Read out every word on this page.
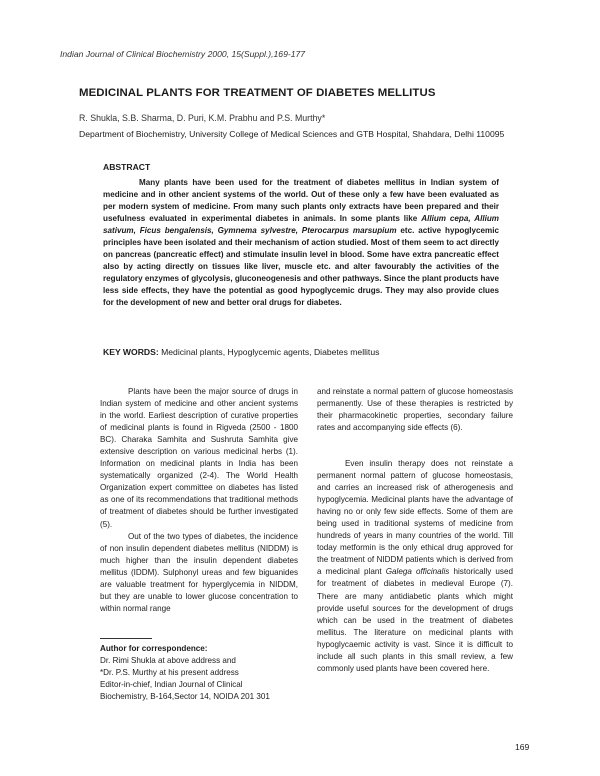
Indian Journal of Clinical Biochemistry 2000, 15(Suppl.),169-177
MEDICINAL PLANTS FOR TREATMENT OF DIABETES MELLITUS
R. Shukla, S.B. Sharma, D. Puri, K.M. Prabhu and P.S. Murthy*
Department of Biochemistry, University College of Medical Sciences and GTB Hospital, Shahdara, Delhi 110095
ABSTRACT

Many plants have been used for the treatment of diabetes mellitus in Indian system of medicine and in other ancient systems of the world. Out of these only a few have been evaluated as per modern system of medicine. From many such plants only extracts have been prepared and their usefulness evaluated in experimental diabetes in animals. In some plants like Allium cepa, Allium sativum, Ficus bengalensis, Gymnema sylvestre, Pterocarpus marsupium etc. active hypoglycemic principles have been isolated and their mechanism of action studied. Most of them seem to act directly on pancreas (pancreatic effect) and stimulate insulin level in blood. Some have extra pancreatic effect also by acting directly on tissues like liver, muscle etc. and alter favourably the activities of the regulatory enzymes of glycolysis, gluconeogenesis and other pathways. Since the plant products have less side effects, they have the potential as good hypoglycemic drugs. They may also provide clues for the development of new and better oral drugs for diabetes.

KEY WORDS: Medicinal plants, Hypoglycemic agents, Diabetes mellitus

Plants have been the major source of drugs in Indian system of medicine and other ancient systems in the world. Earliest description of curative properties of medicinal plants is found in Rigveda (2500 - 1800 BC). Charaka Samhita and Sushruta Samhita give extensive description on various medicinal herbs (1). Information on medicinal plants in India has been systematically organized (2-4). The World Health Organization expert committee on diabetes has listed as one of its recommendations that traditional methods of treatment of diabetes should be further investigated (5).

Out of the two types of diabetes, the incidence of non insulin dependent diabetes mellitus (NIDDM) is much higher than the insulin dependent diabetes mellitus (IDDM). Sulphonyl ureas and few biguanides are valuable treatment for hyperglycemia in NIDDM, but they are unable to lower glucose concentration to within normal range

Author for correspondence:
Dr. Rimi Shukla at above address and
*Dr. P.S. Murthy at his present address
Editor-in-chief, Indian Journal of Clinical
Biochemistry, B-164,Sector 14, NOIDA 201 301

and reinstate a normal pattern of glucose homeostasis permanently. Use of these therapies is restricted by their pharmacokinetic properties, secondary failure rates and accompanying side effects (6).

Even insulin therapy does not reinstate a permanent normal pattern of glucose homeostasis, and carries an increased risk of atherogenesis and hypoglycemia. Medicinal plants have the advantage of having no or only few side effects. Some of them are being used in traditional systems of medicine from hundreds of years in many countries of the world. Till today metformin is the only ethical drug approved for the treatment of NIDDM patients which is derived from a medicinal plant Galega officinalis historically used for treatment of diabetes in medieval Europe (7). There are many antidiabetic plants which might provide useful sources for the development of drugs which can be used in the treatment of diabetes mellitus. The literature on medicinal plants with hypoglycaemic activity is vast. Since it is difficult to include all such plants in this small review, a few commonly used plants have been covered here.

169
